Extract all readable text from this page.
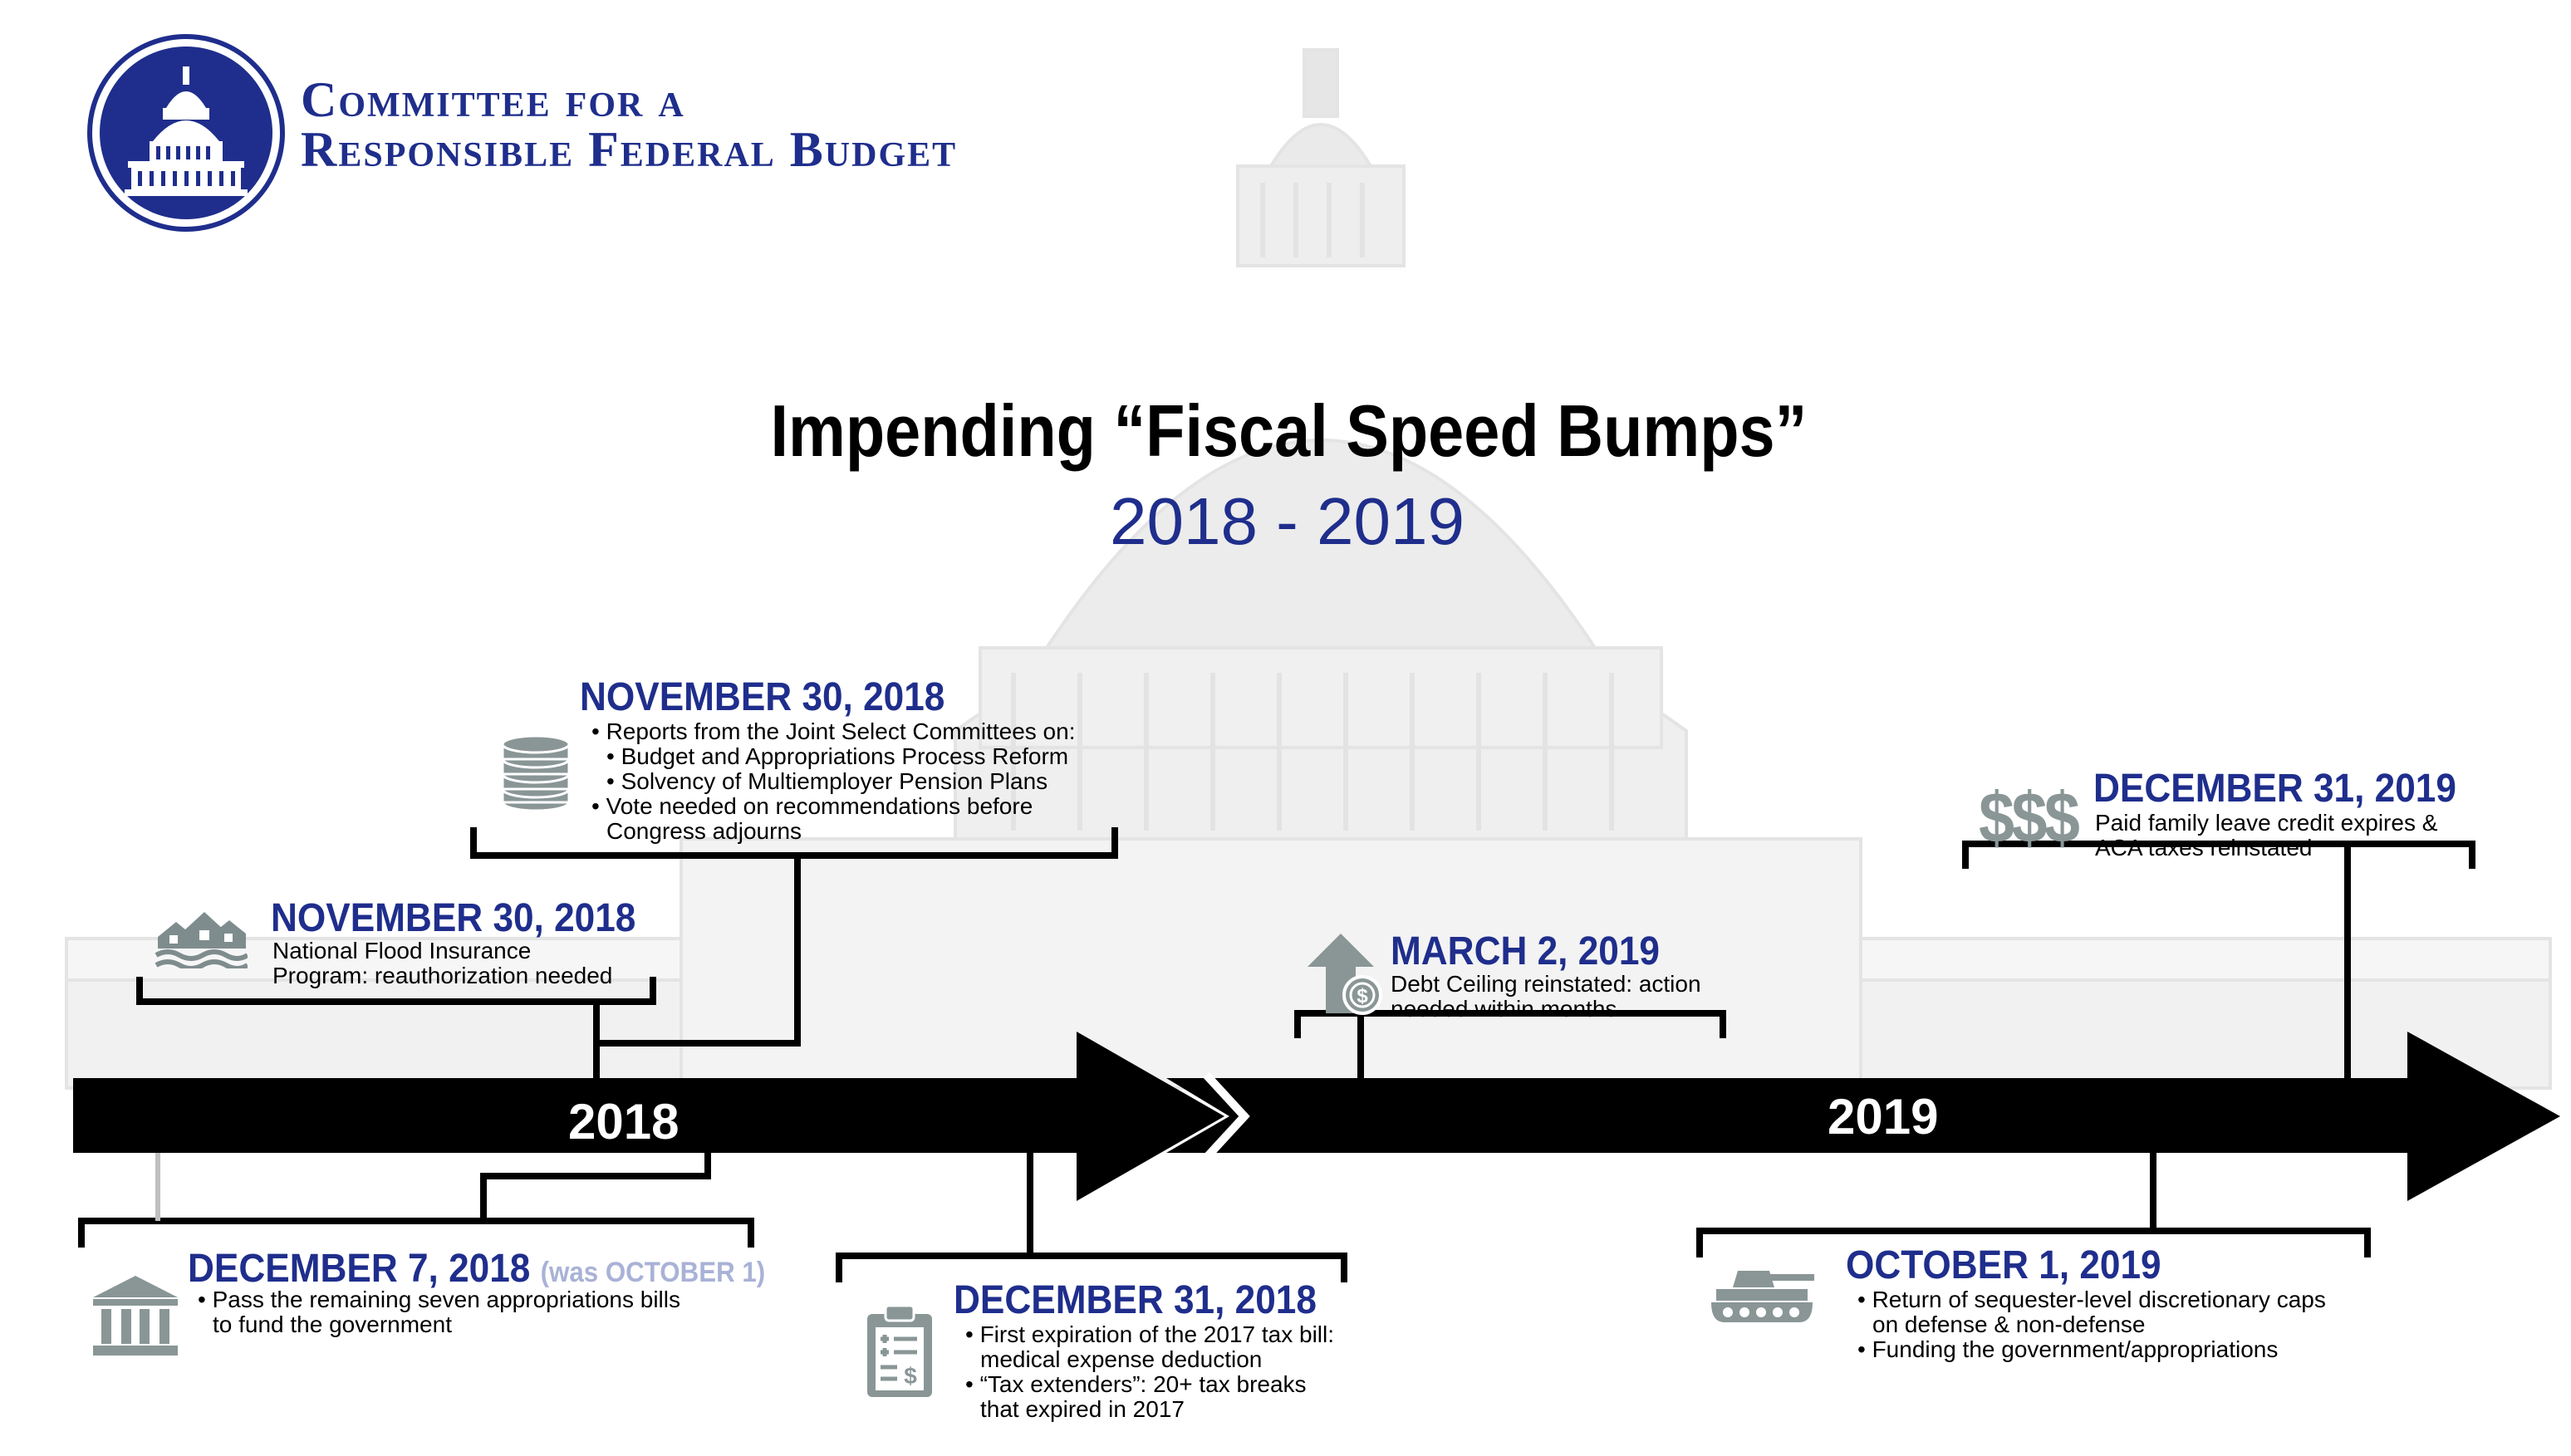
Committee for a
Responsible Federal Budget
Impending “Fiscal Speed Bumps”
2018 - 2019
2018	2019
NOVEMBER 30, 2018
National Flood Insurance
Program: reauthorization needed
NOVEMBER 30, 2018
• Reports from the Joint Select Committees on:
• Budget and Appropriations Process Reform
• Solvency of Multiemployer Pension Plans
• Vote needed on recommendations before
Congress adjourns
DECEMBER 7, 2018 (was OCTOBER 1)
• Pass the remaining seven appropriations bills
to fund the government
$
DECEMBER 31, 2018
• First expiration of the 2017 tax bill:
medical expense deduction
• “Tax extenders”: 20+ tax breaks
that expired in 2017
$
MARCH 2, 2019
Debt Ceiling reinstated: action
needed within months
$$$ DECEMBER 31, 2019
Paid family leave credit expires &
ACA taxes reinstated
OCTOBER 1, 2019
• Return of sequester-level discretionary caps
on defense & non-defense
• Funding the government/appropriations
